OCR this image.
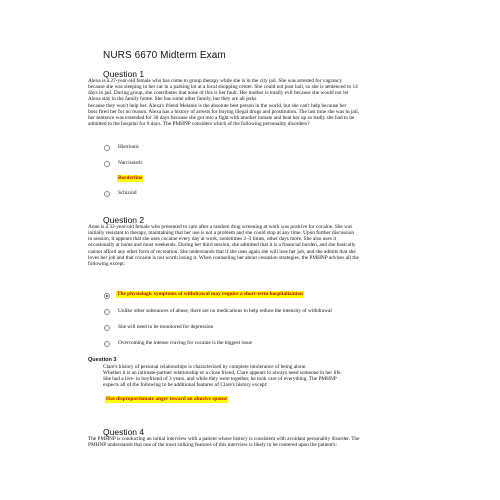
NURS 6670 Midterm Exam
Question 1
Alexa is a 27-year-old female who has come to group therapy while she is in the city jail. She was arrested for vagrancy
because she was sleeping in her car in a parking lot at a local shopping center. She could not post bail, so she is sentenced to 14
days in jail. During group, she contributes that none of this is her fault. Her mother is totally evil because she would not let
Alexa stay in the family home. She has some other family, but they are all jerks
because they won't help her. Alexa's friend Melanie is the absolute best person in the world, but she can't help because her
boss fired her for no reason. Alexa has a history of arrests for buying illegal drugs and prostitution. The last time she was in jail,
her sentence was extended for 30 days because she got into a fight with another inmate and beat her up so badly she had to be
admitted to the hospital for 6 days. The PMHNP considers which of the following personality disorders?
Histrionic
Narcissistic
Borderline
Schizoid
Question 2
Anne is a 32-year-old female who presented to care after a random drug screening at work was positive for cocaine. She was
initially resistant to therapy, maintaining that her use is not a problem and she could stop at any time. Upon further discussion
in session, it appears that she uses cocaine every day at work, sometimes 2–3 times, other days more. She also uses it
occasionally at home and most weekends. During her third session, she admitted that it is a financial burden, and she basically
cannot afford any other form of recreation. She understands that if she uses again she will lose her job, and she admits that she
loves her job and that cocaine is not worth losing it. When counseling her about cessation strategies, the PMHNP advises all the
following except:
The physiologic symptoms of withdrawal may require a short-term hospitalization
Unlike other substances of abuse, there are no medications to help reduce the intensity of withdrawal
She will need to be monitored for depression
Overcoming the intense craving for cocaine is the biggest issue
Question 3
Clare's history of personal relationships is characterized by complete intolerance of being alone.
Whether it is an intimate-partner relationship or a close friend, Clare appears to always need someone in her life.
She had a live- in boyfriend of 3 years, and while they were together, he took care of everything. The PMHNP
expects all of the following to be additional features of Clare's history except:
Has disproportionate anger toward an abusive spouse
Question 4
The PMHNP is conducting an initial interview with a patient whose history is consistent with avoidant personality disorder. The
PMHNP understands that one of the most striking features of this interview is likely to be centered upon the patient's:
